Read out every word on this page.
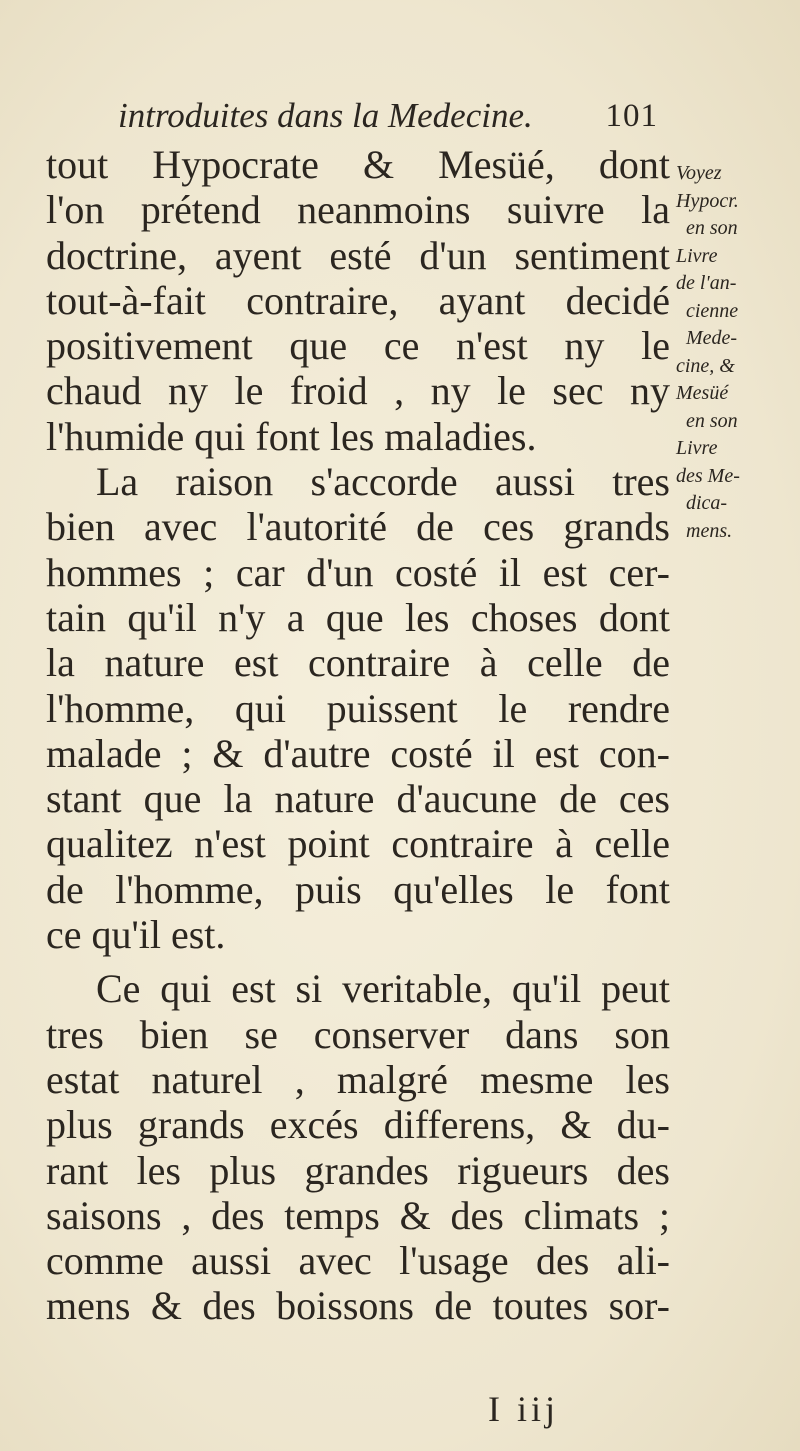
introduites dans la Medecine. 101
tout Hypocrate & Mesüé, dont
l'on prétend neanmoins suivre la
doctrine, ayent esté d'un sentiment
tout-à-fait contraire, ayant decidé
positivement que ce n'est ny le
chaud ny le froid , ny le sec ny
l'humide qui font les maladies.
La raison s'accorde aussi tres
bien avec l'autorité de ces grands
hommes ; car d'un costé il est cer-
tain qu'il n'y a que les choses dont
la nature est contraire à celle de
l'homme, qui puissent le rendre
malade ; & d'autre costé il est con-
stant que la nature d'aucune de ces
qualitez n'est point contraire à celle
de l'homme, puis qu'elles le font
ce qu'il est.
Ce qui est si veritable, qu'il peut
tres bien se conserver dans son
estat naturel , malgré mesme les
plus grands excés differens, & du-
rant les plus grandes rigueurs des
saisons , des temps & des climats ;
comme aussi avec l'usage des ali-
mens & des boissons de toutes sor-
Voyez
Hypocr.
en son
Livre
de l'an-
cienne
Mede-
cine, &
Mesüé
en son
Livre
des Me-
dica-
mens.
I iij
